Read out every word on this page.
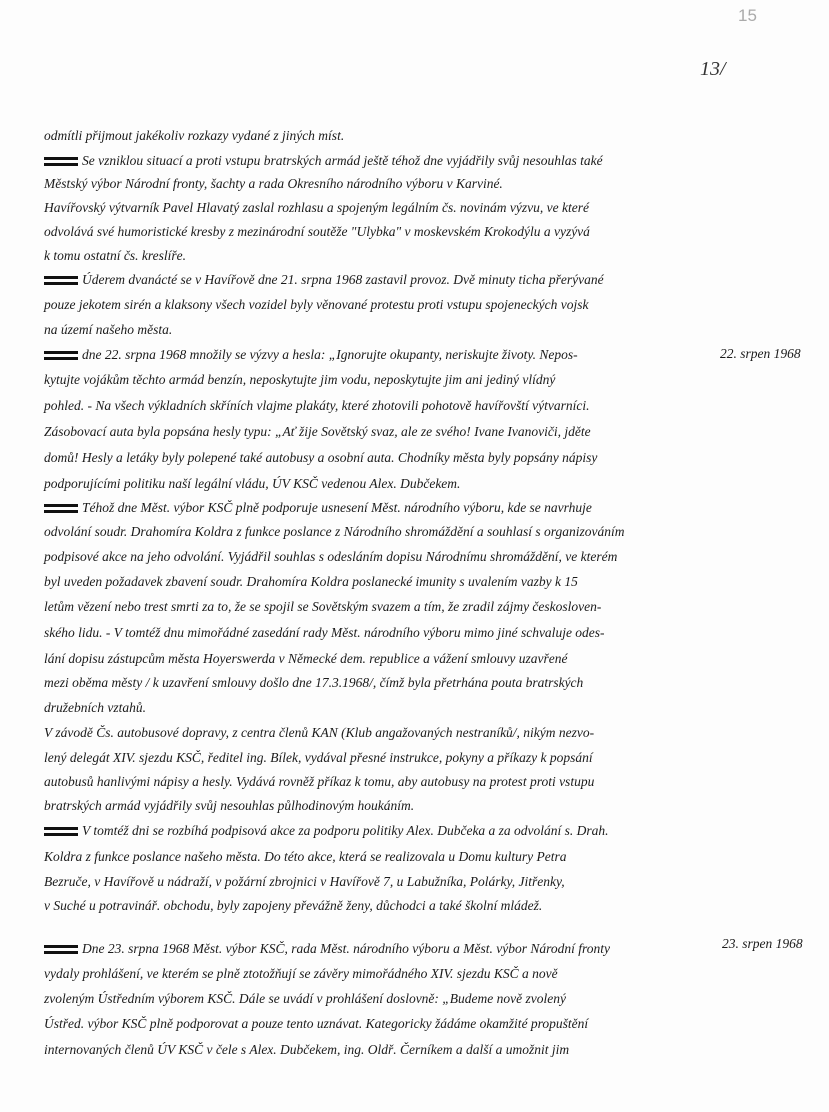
15
13/
22. srpen 1968
23. srpen 1968
odmítli přijmout jakékoliv rozkazy vydané z jiných míst.
Se vzniklou situací a proti vstupu bratrských armád ještě téhož dne vyjádřily svůj nesouhlas také
Městský výbor Národní fronty, šachty a rada Okresního národního výboru v Karviné.
Havířovský výtvarník Pavel Hlavatý zaslal rozhlasu a spojeným legálním čs. novinám výzvu, ve které
odvolává své humoristické kresby z mezinárodní soutěže "Ulybka" v moskevském Krokodýlu a vyzývá
k tomu ostatní čs. kreslíře.
Úderem dvanácté se v Havířově dne 21. srpna 1968 zastavil provoz. Dvě minuty ticha přerývané
pouze jekotem sirén a klaksony všech vozidel byly věnované protestu proti vstupu spojeneckých vojsk
na území našeho města.
dne 22. srpna 1968 množily se výzvy a hesla: „Ignorujte okupanty, neriskujte životy. Nepos-
kytujte vojákům těchto armád benzín, neposkytujte jim vodu, neposkytujte jim ani jediný vlídný
pohled. - Na všech výkladních skříních vlajme plakáty, které zhotovili pohotově havířovští výtvarníci.
Zásobovací auta byla popsána hesly typu: „Ať žije Sovětský svaz, ale ze svého! Ivane Ivanoviči, jděte
domů! Hesly a letáky byly polepené také autobusy a osobní auta. Chodníky města byly popsány nápisy
podporujícími politiku naší legální vládu, ÚV KSČ vedenou Alex. Dubčekem.
Téhož dne Měst. výbor KSČ plně podporuje usnesení Měst. národního výboru, kde se navrhuje
odvolání soudr. Drahomíra Koldra z funkce poslance z Národního shromáždění a souhlasí s organizováním
podpisové akce na jeho odvolání. Vyjádřil souhlas s odesláním dopisu Národnímu shromáždění, ve kterém
byl uveden požadavek zbavení soudr. Drahomíra Koldra poslanecké imunity s uvalením vazby k 15
letům vězení nebo trest smrti za to, že se spojil se Sovětským svazem a tím, že zradil zájmy českosloven-
ského lidu. - V tomtéž dnu mimořádné zasedání rady Měst. národního výboru mimo jiné schvaluje odes-
lání dopisu zástupcům města Hoyerswerda v Německé dem. republice a vážení smlouvy uzavřené
mezi oběma městy / k uzavření smlouvy došlo dne 17.3.1968/, čímž byla přetrhána pouta bratrských
družebních vztahů.
V závodě Čs. autobusové dopravy, z centra členů KAN (Klub angažovaných nestraníků/, nikým nezvo-
lený delegát XIV. sjezdu KSČ, ředitel ing. Bílek, vydával přesné instrukce, pokyny a příkazy k popsání
autobusů hanlivými nápisy a hesly. Vydává rovněž příkaz k tomu, aby autobusy na protest proti vstupu
bratrských armád vyjádřily svůj nesouhlas půlhodinovým houkáním.
V tomtéž dni se rozbíhá podpisová akce za podporu politiky Alex. Dubčeka a za odvolání s. Drah.
Koldra z funkce poslance našeho města. Do této akce, která se realizovala u Domu kultury Petra
Bezruče, v Havířově u nádraží, v požární zbrojnici v Havířově 7, u Labužníka, Polárky, Jitřenky,
v Suché u potravinář. obchodu, byly zapojeny převážně ženy, důchodci a také školní mládež.
Dne 23. srpna 1968 Měst. výbor KSČ, rada Měst. národního výboru a Měst. výbor Národní fronty
vydaly prohlášení, ve kterém se plně ztotožňují se závěry mimořádného XIV. sjezdu KSČ a nově
zvoleným Ústředním výborem KSČ. Dále se uvádí v prohlášení doslovně: „Budeme nově zvolený
Ústřed. výbor KSČ plně podporovat a pouze tento uznávat. Kategoricky žádáme okamžité propuštění
internovaných členů ÚV KSČ v čele s Alex. Dubčekem, ing. Oldř. Černíkem a další a umožnit jim
